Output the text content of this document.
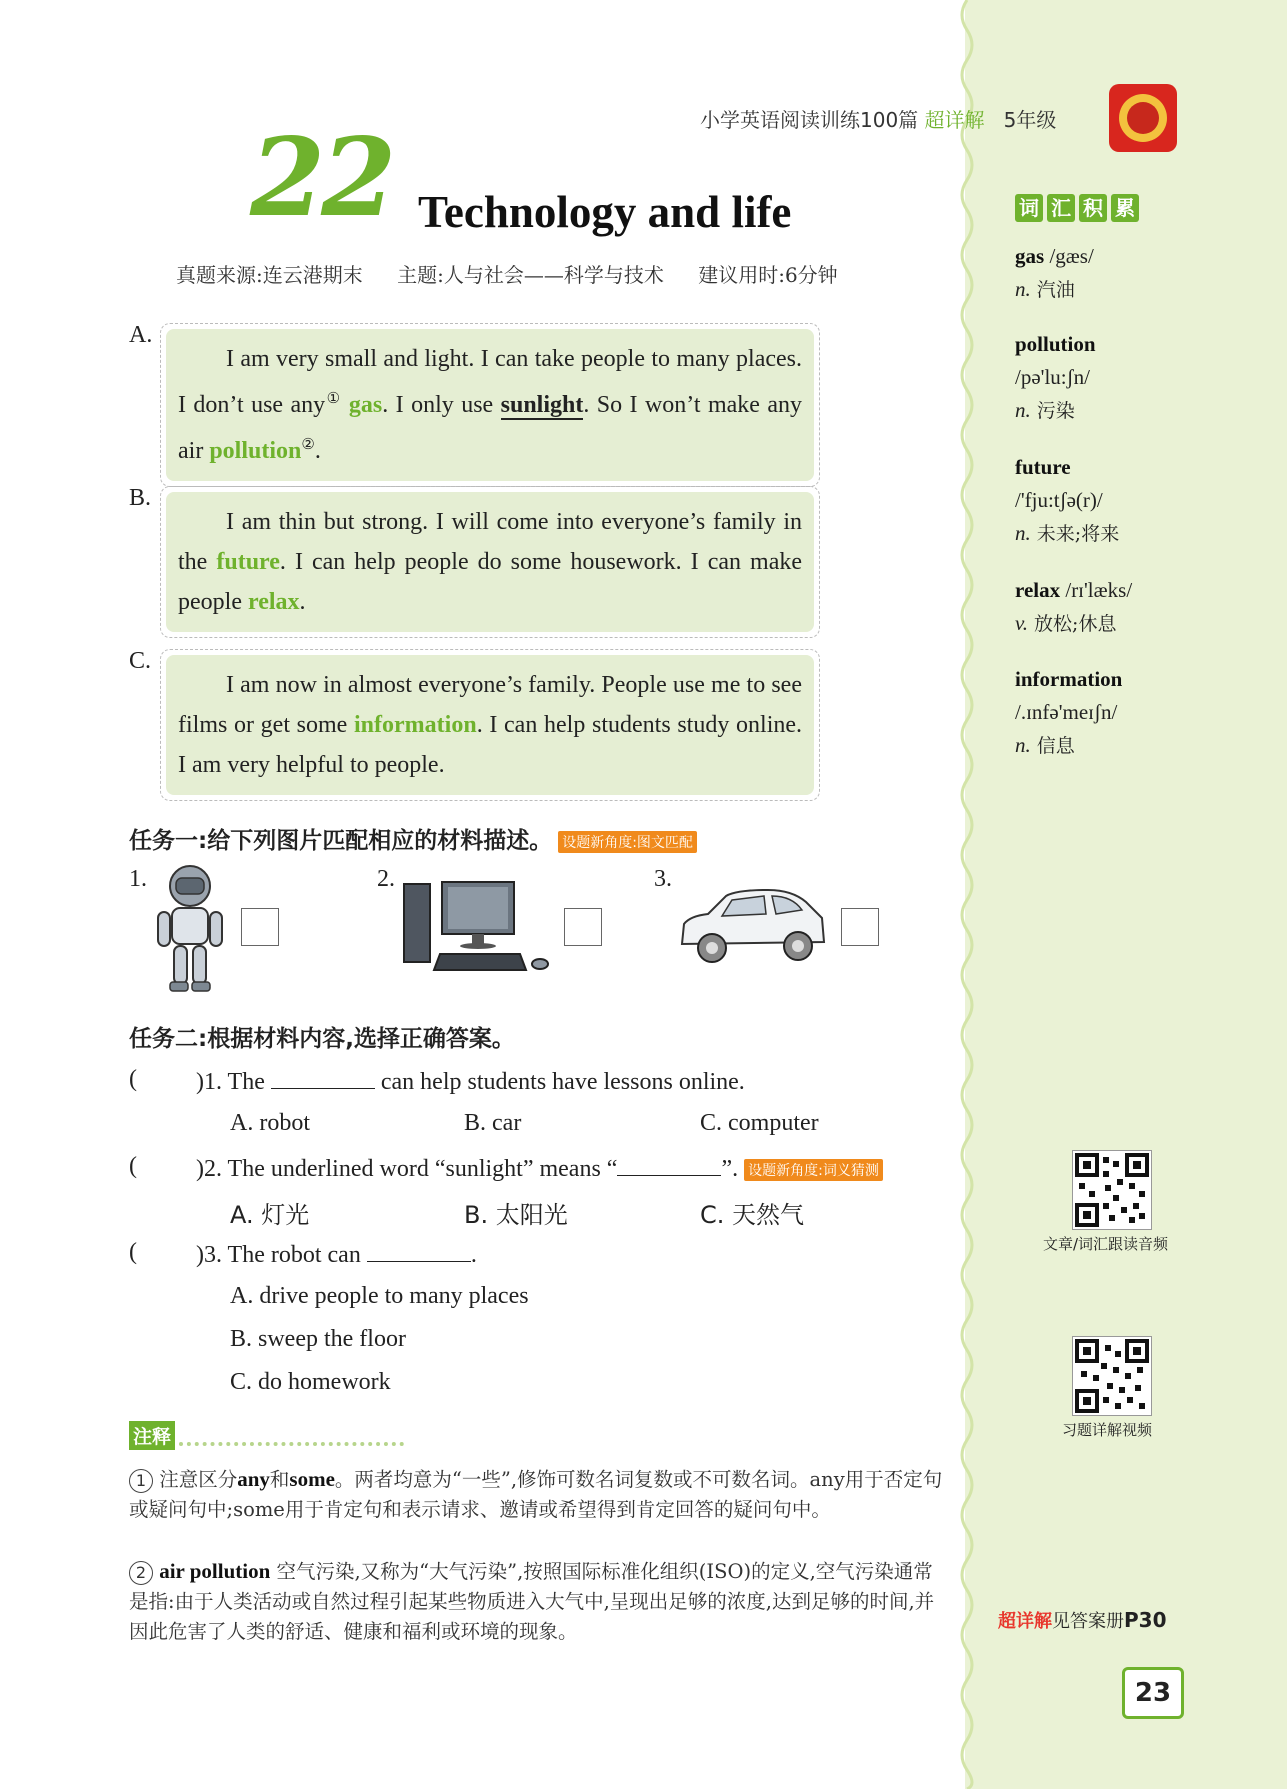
小学英语阅读训练100篇 超详解 5年级
22 Technology and life
真题来源:连云港期末 主题:人与社会——科学与技术 建议用时:6分钟
A.
I am very small and light. I can take people to many places. I don’t use any① gas. I only use sunlight. So I won’t make any air pollution②.
B.
I am thin but strong. I will come into everyone’s family in the future. I can help people do some housework. I can make people relax.
C.
I am now in almost everyone’s family. People use me to see films or get some information. I can help students study online. I am very helpful to people.
任务一:给下列图片匹配相应的材料描述。 设题新角度:图文匹配
1.	2.	3.
任务二:根据材料内容,选择正确答案。
( )1. The	can help students have lessons online.
A. robot	B. car	C. computer
( )2. The underlined word “sunlight” means “	”. 设题新角度:词义猜测
A. 灯光	B. 太阳光	C. 天然气
( )3. The robot can	.
A. drive people to many places
B. sweep the floor
C. do homework
注释
1 注意区分any和some。两者均意为“一些”,修饰可数名词复数或不可数名词。any用于否定句或疑问句中;some用于肯定句和表示请求、邀请或希望得到肯定回答的疑问句中。
2 air pollution 空气污染,又称为“大气污染”,按照国际标准化组织(ISO)的定义,空气污染通常是指:由于人类活动或自然过程引起某些物质进入大气中,呈现出足够的浓度,达到足够的时间,并因此危害了人类的舒适、健康和福利或环境的现象。
词 汇 积 累
gas /gæs/
n. 汽油
pollution
/pə'lu:ʃn/
n. 污染
future
/'fju:tʃə(r)/
n. 未来;将来
relax /rɪ'læks/
v. 放松;休息
information
/.ɪnfə'meɪʃn/
n. 信息
文章/词汇跟读音频
习题详解视频
超详解见答案册P30
23
